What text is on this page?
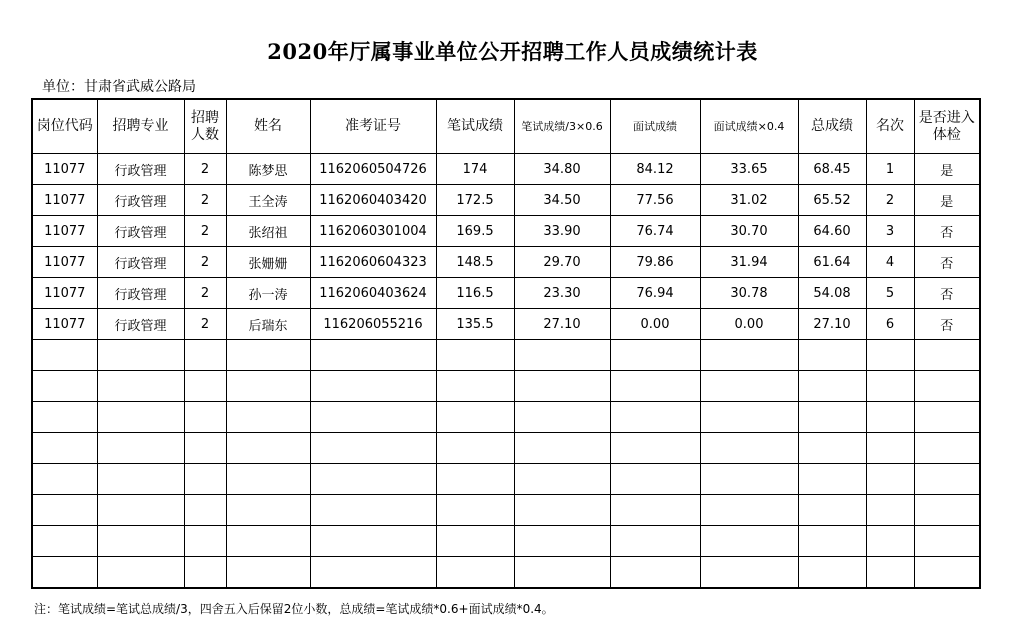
2020年厅属事业单位公开招聘工作人员成绩统计表
单位：甘肃省武威公路局
岗位代码	招聘专业	招聘人数	姓名	准考证号	笔试成绩	笔试成绩/3×0.6	面试成绩	面试成绩×0.4	总成绩	名次	是否进入体检
11077	行政管理	2	陈梦思	1162060504726	174	34.80	84.12	33.65	68.45	1	是
11077	行政管理	2	王全涛	1162060403420	172.5	34.50	77.56	31.02	65.52	2	是
11077	行政管理	2	张绍祖	1162060301004	169.5	33.90	76.74	30.70	64.60	3	否
11077	行政管理	2	张姗姗	1162060604323	148.5	29.70	79.86	31.94	61.64	4	否
11077	行政管理	2	孙一涛	1162060403624	116.5	23.30	76.94	30.78	54.08	5	否
11077	行政管理	2	后瑞东	116206055216	135.5	27.10	0.00	0.00	27.10	6	否

注：笔试成绩=笔试总成绩/3，四舍五入后保留2位小数，总成绩=笔试成绩*0.6+面试成绩*0.4。
